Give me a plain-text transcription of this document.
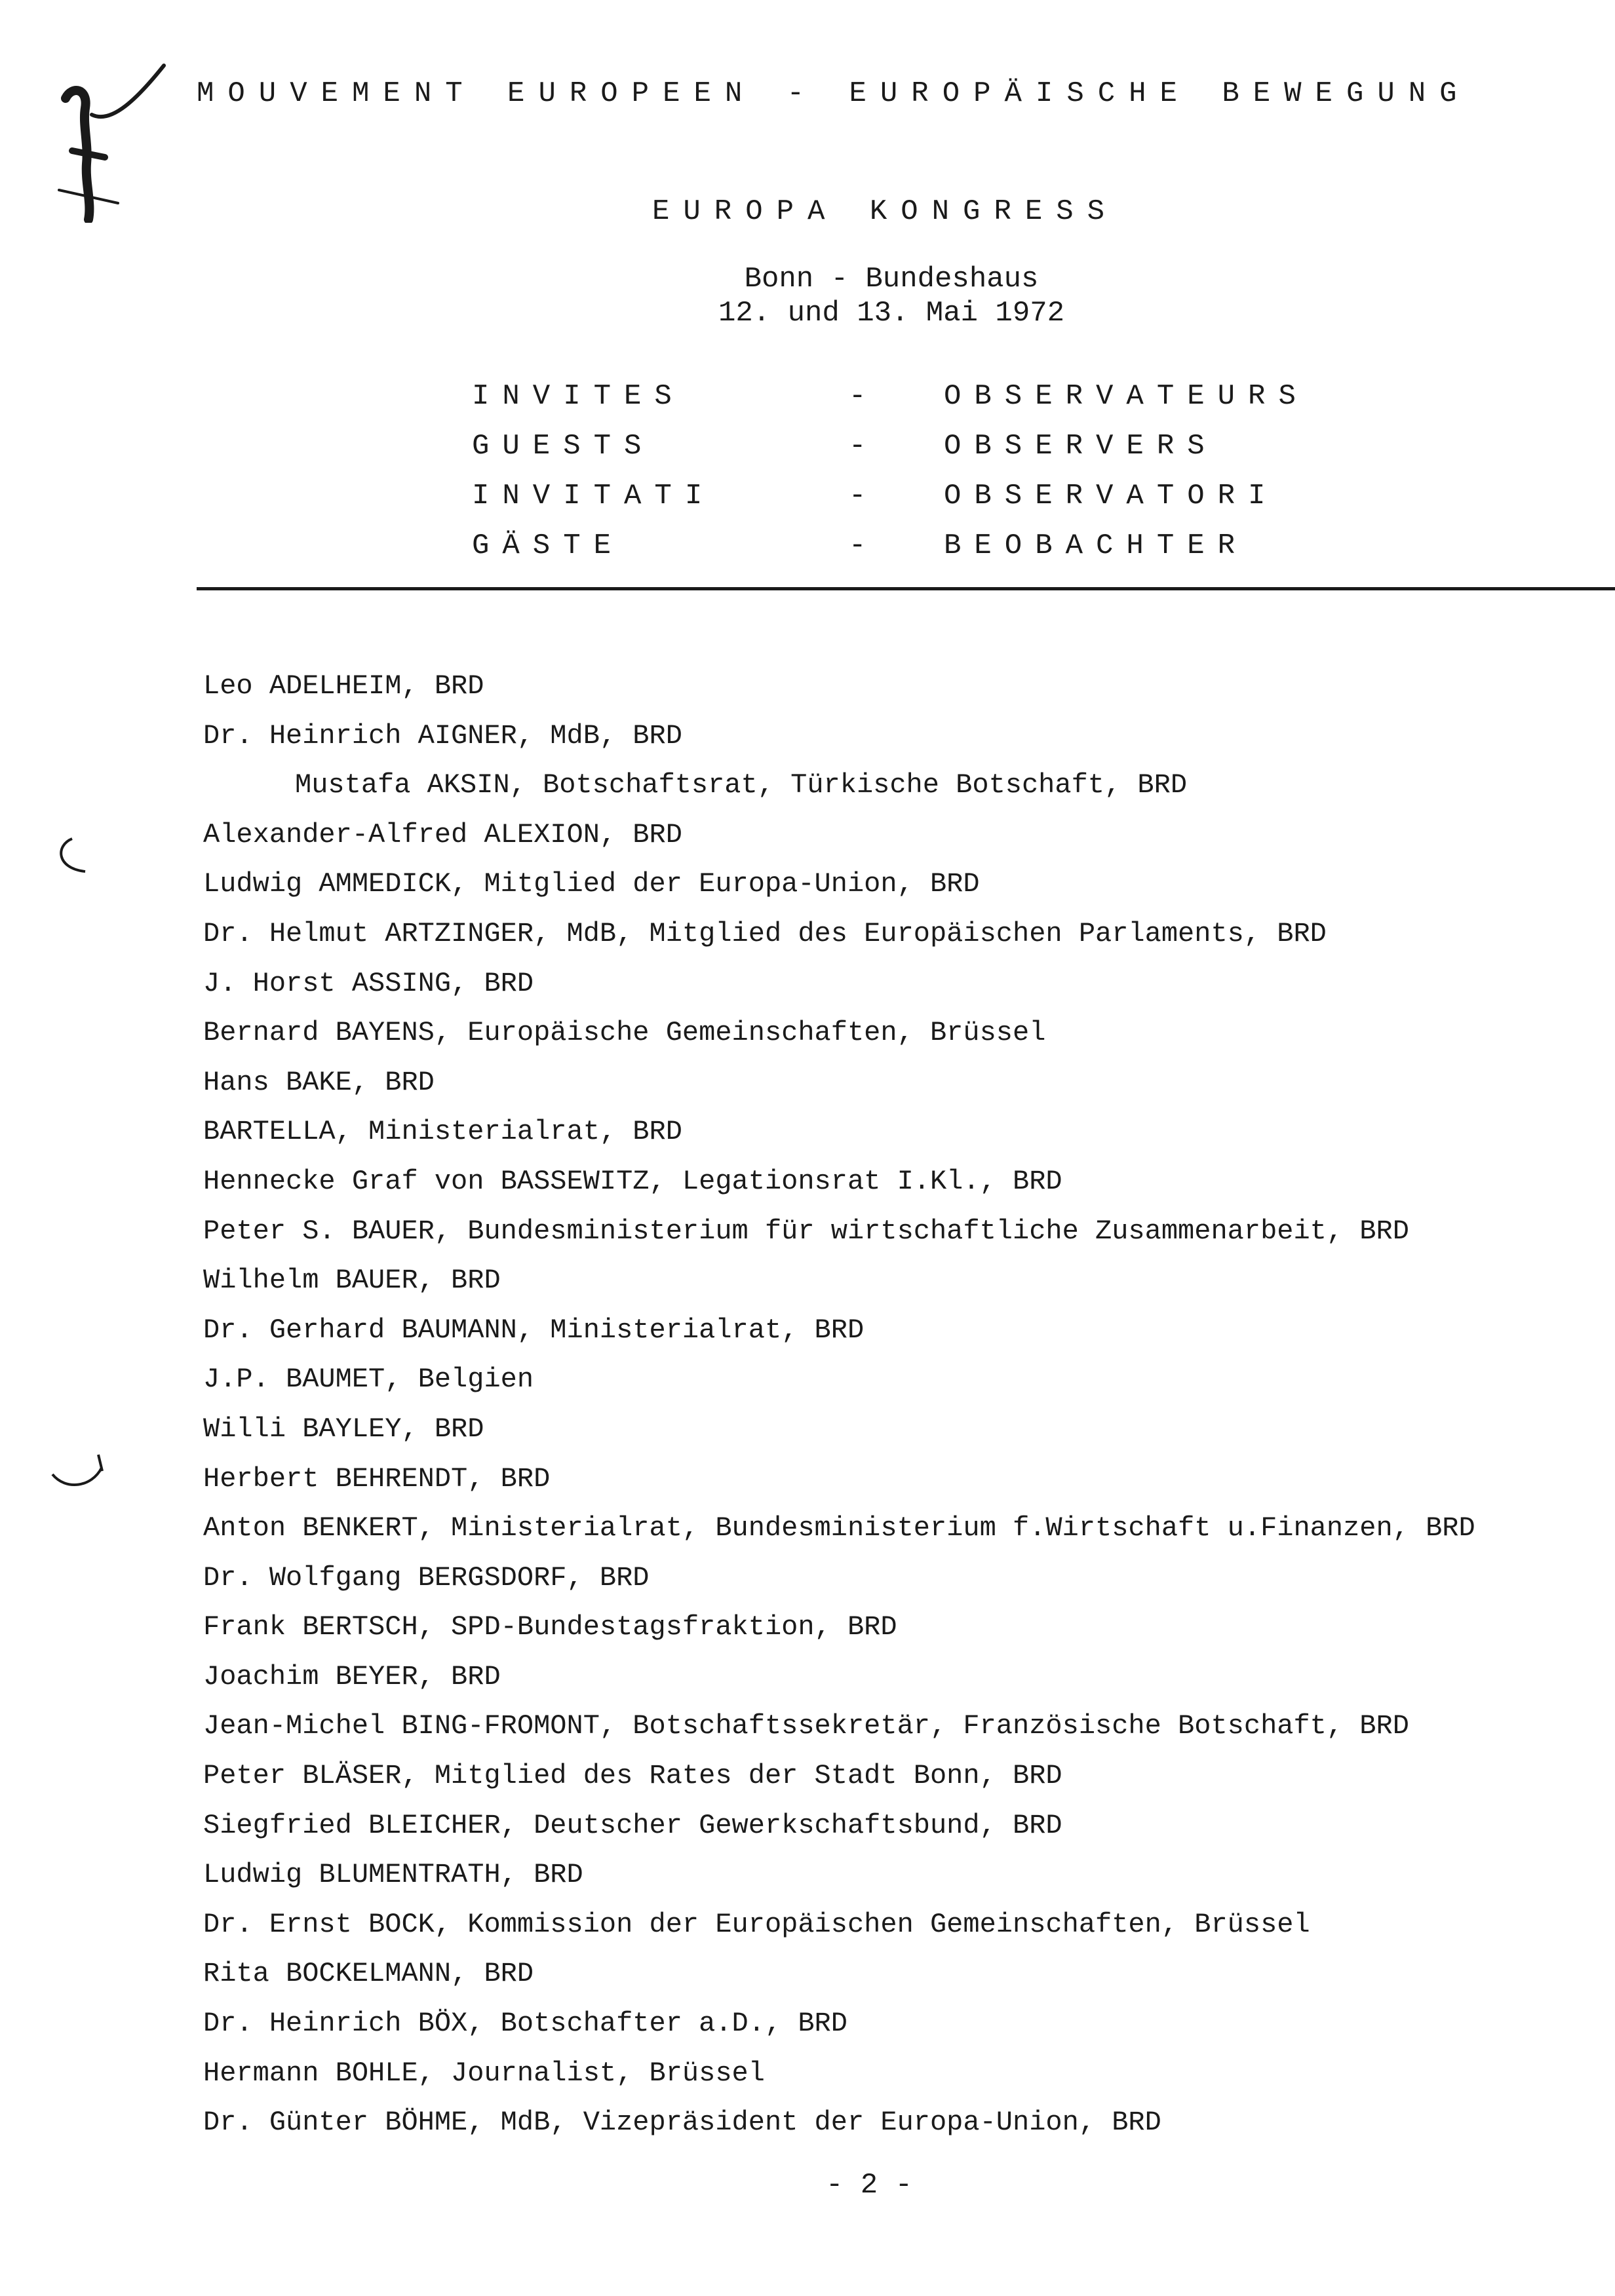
MOUVEMENT EUROPEEN - EUROPÄISCHE BEWEGUNG
EUROPA KONGRESS
Bonn - Bundeshaus
12. und 13. Mai 1972
INVITES	- OBSERVATEURS
GUESTS	- OBSERVERS
INVITATI	- OBSERVATORI
GÄSTE	- BEOBACHTER
Leo ADELHEIM, BRD
Dr. Heinrich AIGNER, MdB, BRD
Mustafa AKSIN, Botschaftsrat, Türkische Botschaft, BRD
Alexander-Alfred ALEXION, BRD
Ludwig AMMEDICK, Mitglied der Europa-Union, BRD
Dr. Helmut ARTZINGER, MdB, Mitglied des Europäischen Parlaments, BRD
J. Horst ASSING, BRD
Bernard BAYENS, Europäische Gemeinschaften, Brüssel
Hans BAKE, BRD
BARTELLA, Ministerialrat, BRD
Hennecke Graf von BASSEWITZ, Legationsrat I.Kl., BRD
Peter S. BAUER, Bundesministerium für wirtschaftliche Zusammenarbeit, BRD
Wilhelm BAUER, BRD
Dr. Gerhard BAUMANN, Ministerialrat, BRD
J.P. BAUMET, Belgien
Willi BAYLEY, BRD
Herbert BEHRENDT, BRD
Anton BENKERT, Ministerialrat, Bundesministerium f.Wirtschaft u.Finanzen, BRD
Dr. Wolfgang BERGSDORF, BRD
Frank BERTSCH, SPD-Bundestagsfraktion, BRD
Joachim BEYER, BRD
Jean-Michel BING-FROMONT, Botschaftssekretär, Französische Botschaft, BRD
Peter BLÄSER, Mitglied des Rates der Stadt Bonn, BRD
Siegfried BLEICHER, Deutscher Gewerkschaftsbund, BRD
Ludwig BLUMENTRATH, BRD
Dr. Ernst BOCK, Kommission der Europäischen Gemeinschaften, Brüssel
Rita BOCKELMANN, BRD
Dr. Heinrich BÖX, Botschafter a.D., BRD
Hermann BOHLE, Journalist, Brüssel
Dr. Günter BÖHME, MdB, Vizepräsident der Europa-Union, BRD
- 2 -
